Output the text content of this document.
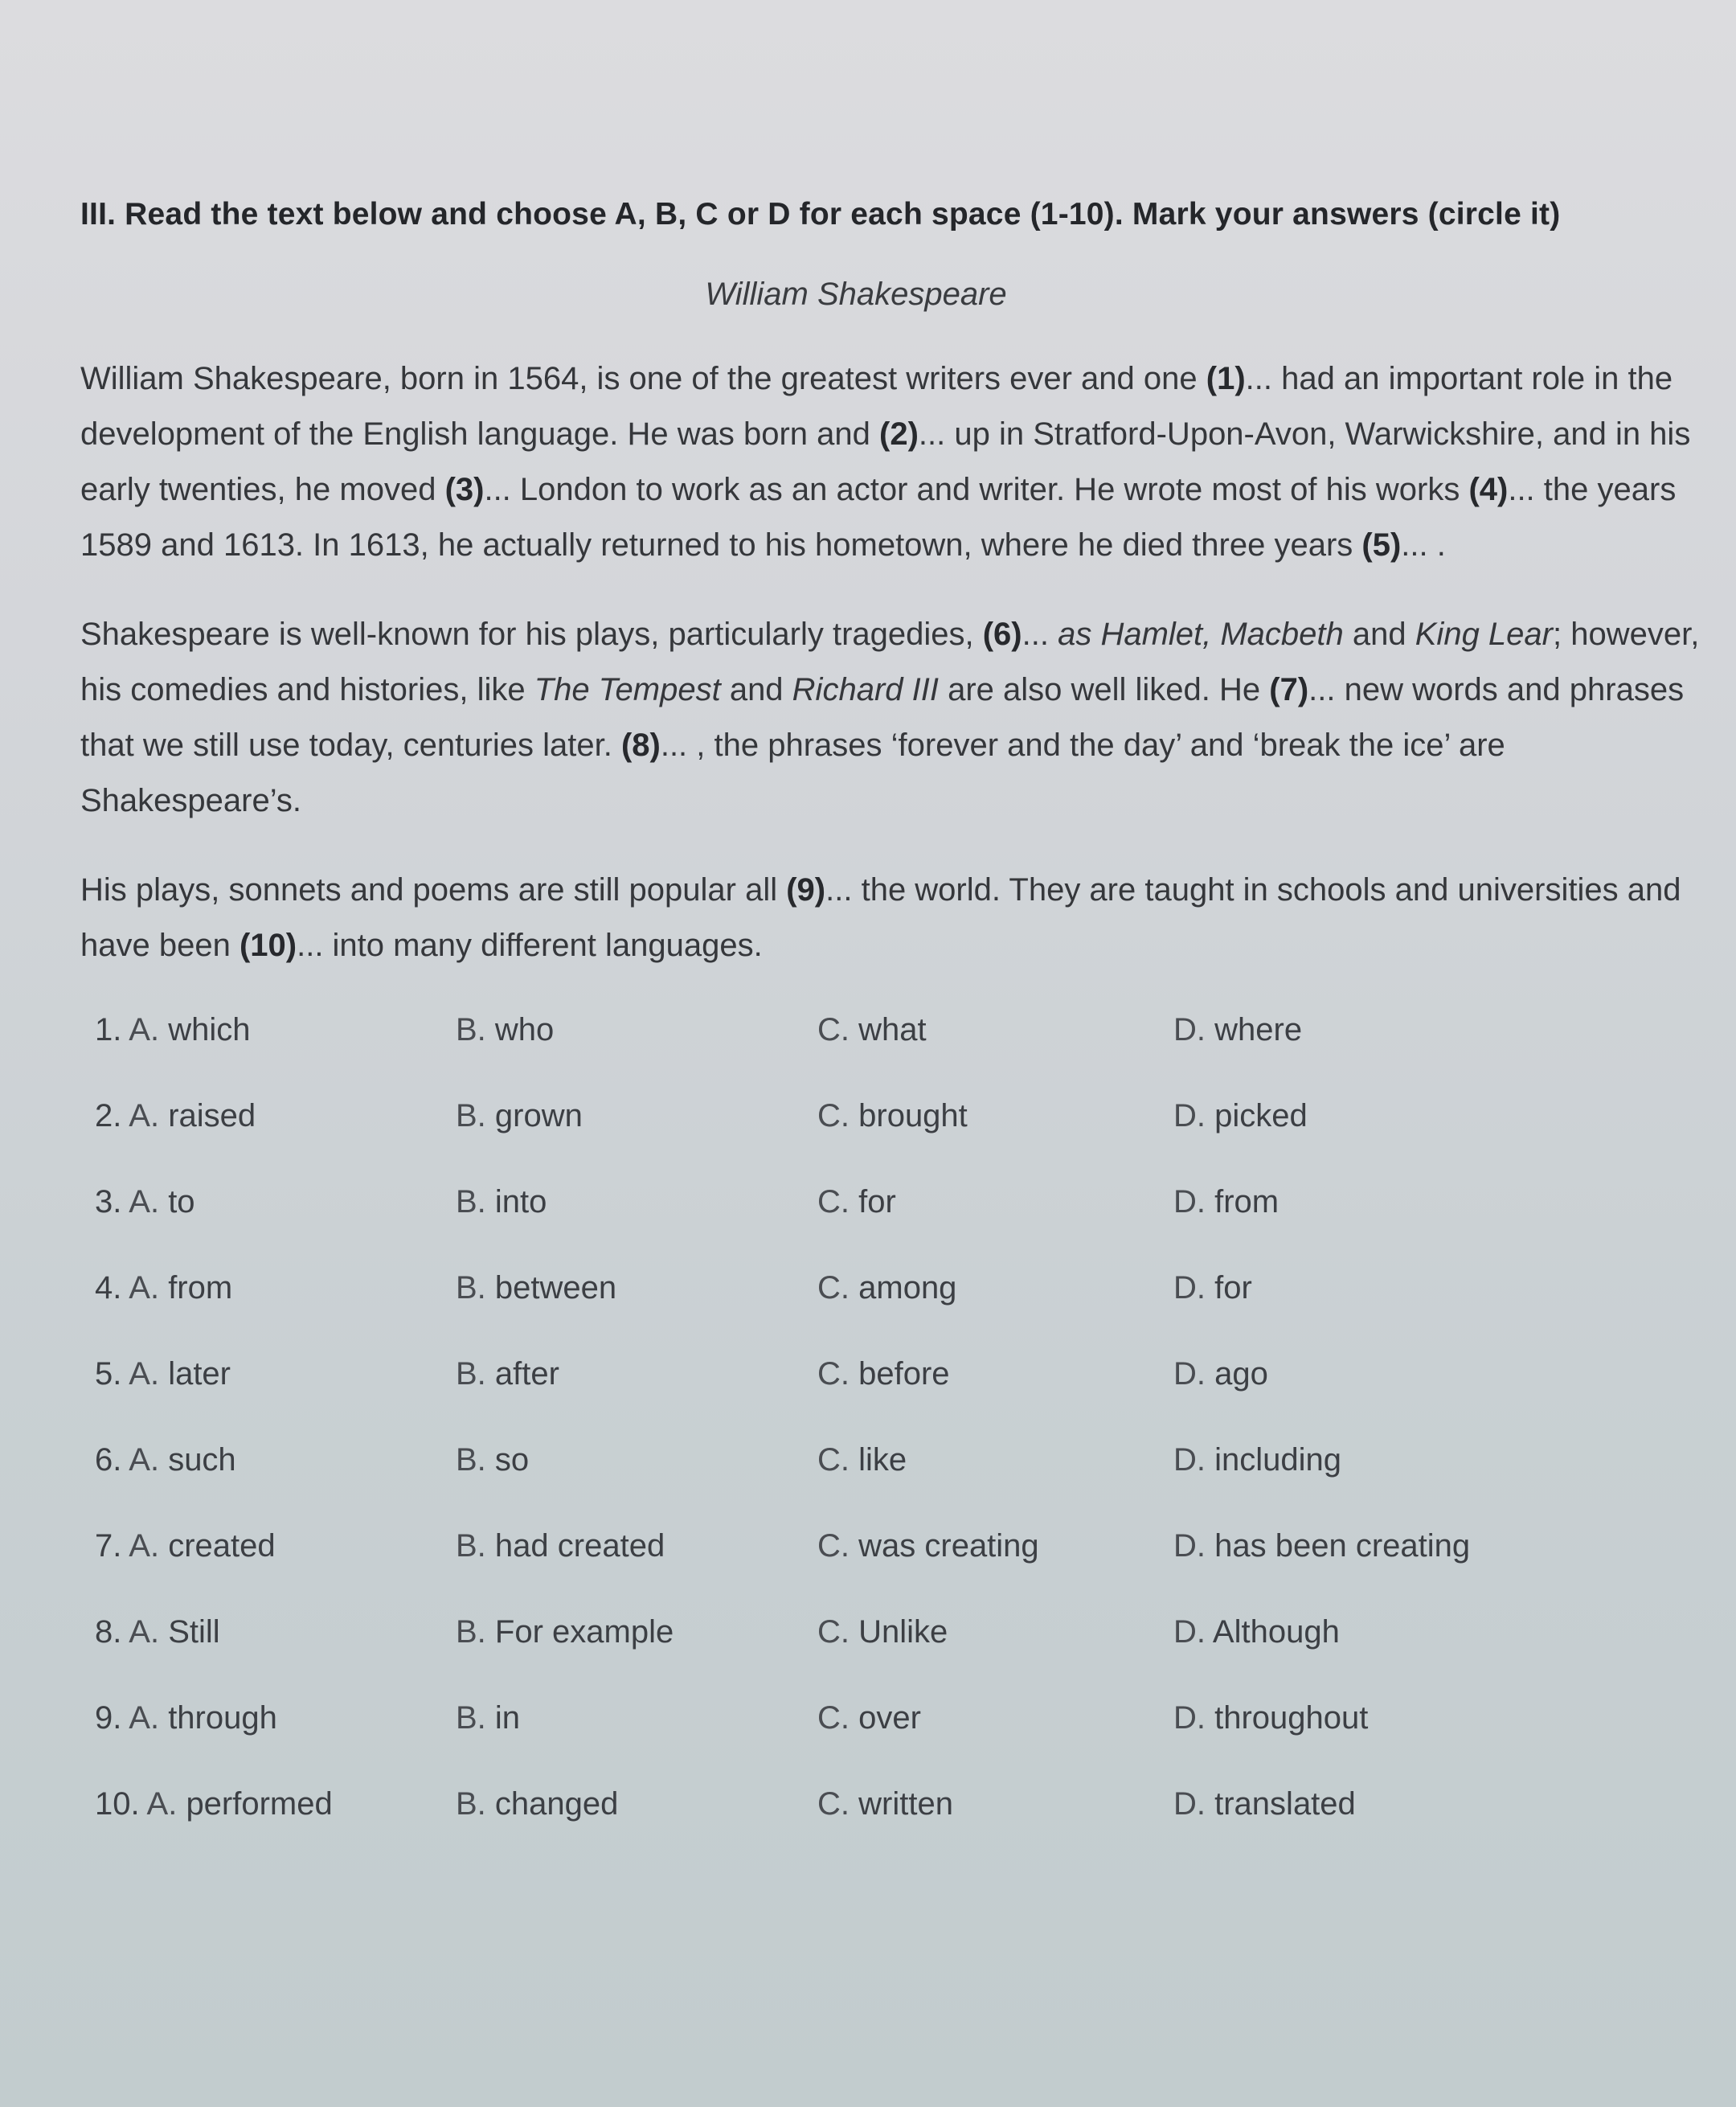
III. Read the text below and choose A, B, C or D for each space (1-10). Mark your answers (circle it)
William Shakespeare

William Shakespeare, born in 1564, is one of the greatest writers ever and one (1)... had an important role in the development of the English language. He was born and (2)... up in Stratford-Upon-Avon, Warwickshire, and in his early twenties, he moved (3)... London to work as an actor and writer. He wrote most of his works (4)... the years 1589 and 1613. In 1613, he actually returned to his hometown, where he died three years (5)... .

Shakespeare is well-known for his plays, particularly tragedies, (6)... as Hamlet, Macbeth and King Lear; however, his comedies and histories, like The Tempest and Richard III are also well liked. He (7)... new words and phrases that we still use today, centuries later. (8)... , the phrases ‘forever and the day’ and ‘break the ice’ are Shakespeare’s.

His plays, sonnets and poems are still popular all (9)... the world. They are taught in schools and universities and have been (10)... into many different languages.

1. A. which	B. who	C. what	D. where
2. A. raised	B. grown	C. brought	D. picked
3. A. to	B. into	C. for	D. from
4. A. from	B. between	C. among	D. for
5. A. later	B. after	C. before	D. ago
6. A. such	B. so	C. like	D. including
7. A. created	B. had created	C. was creating	D. has been creating
8. A. Still	B. For example	C. Unlike	D. Although
9. A. through	B. in	C. over	D. throughout
10. A. performed	B. changed	C. written	D. translated
